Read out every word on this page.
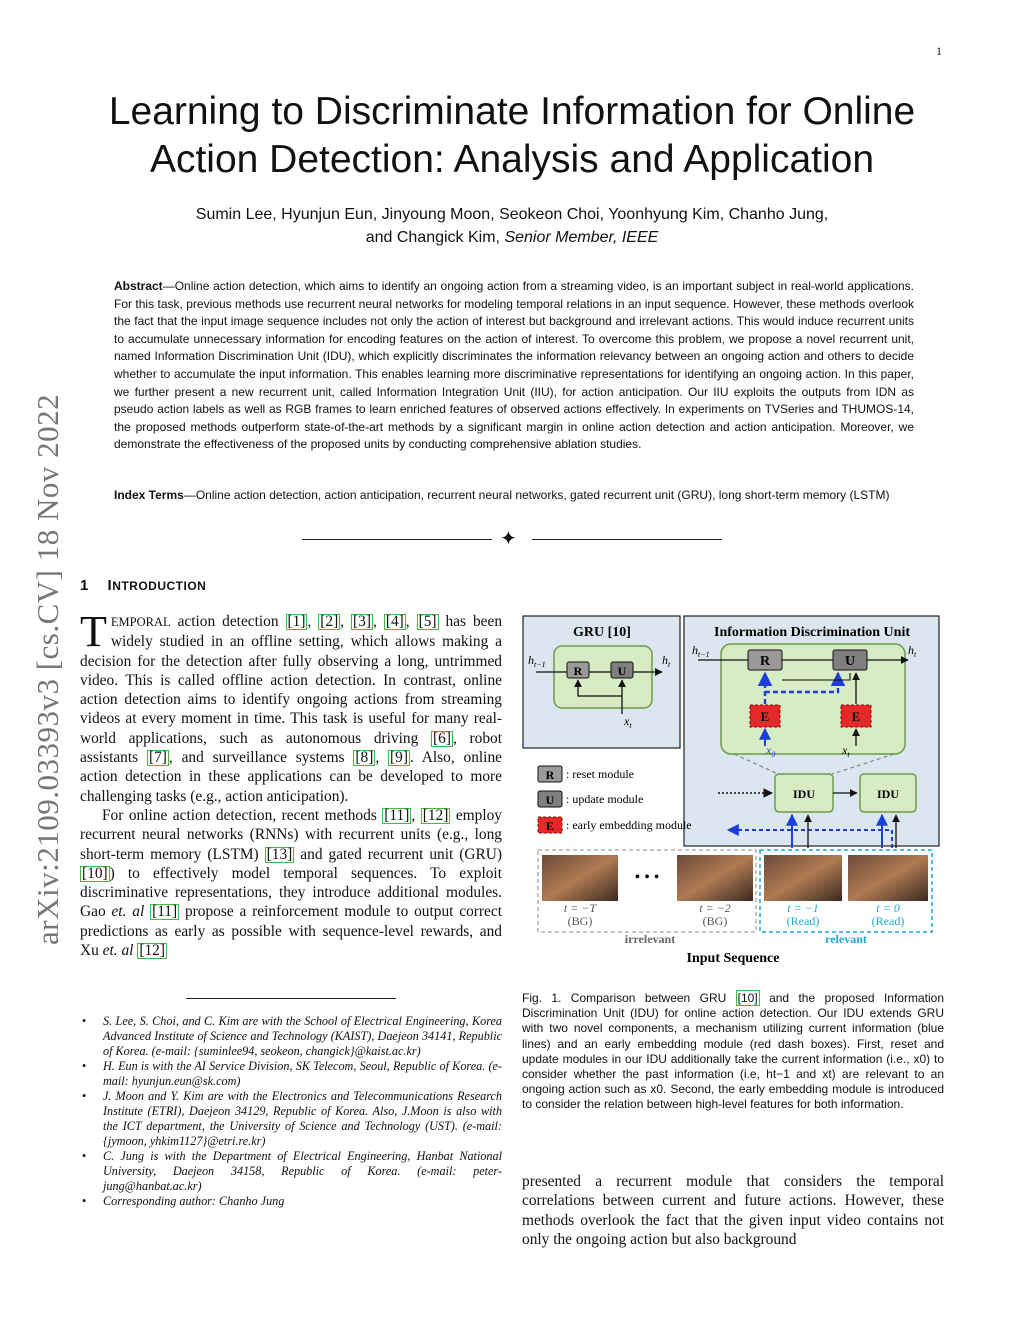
1
arXiv:2109.03393v3 [cs.CV] 18 Nov 2022
Learning to Discriminate Information for Online Action Detection: Analysis and Application
Sumin Lee, Hyunjun Eun, Jinyoung Moon, Seokeon Choi, Yoonhyung Kim, Chanho Jung,
and Changick Kim, Senior Member, IEEE
Abstract—Online action detection, which aims to identify an ongoing action from a streaming video, is an important subject in real-world applications. For this task, previous methods use recurrent neural networks for modeling temporal relations in an input sequence. However, these methods overlook the fact that the input image sequence includes not only the action of interest but background and irrelevant actions. This would induce recurrent units to accumulate unnecessary information for encoding features on the action of interest. To overcome this problem, we propose a novel recurrent unit, named Information Discrimination Unit (IDU), which explicitly discriminates the information relevancy between an ongoing action and others to decide whether to accumulate the input information. This enables learning more discriminative representations for identifying an ongoing action. In this paper, we further present a new recurrent unit, called Information Integration Unit (IIU), for action anticipation. Our IIU exploits the outputs from IDN as pseudo action labels as well as RGB frames to learn enriched features of observed actions effectively. In experiments on TVSeries and THUMOS-14, the proposed methods outperform state-of-the-art methods by a significant margin in online action detection and action anticipation. Moreover, we demonstrate the effectiveness of the proposed units by conducting comprehensive ablation studies.
Index Terms—Online action detection, action anticipation, recurrent neural networks, gated recurrent unit (GRU), long short-term memory (LSTM)
✦
1 INTRODUCTION
TEMPORAL action detection [1] , [2] , [3] , [4] , [5] has been widely studied in an offline setting, which allows making a decision for the detection after fully observing a long, untrimmed video. This is called offline action detection. In contrast, online action detection aims to identify ongoing actions from streaming videos at every moment in time. This task is useful for many real-world applications, such as autonomous driving [6] , robot assistants [7] , and surveillance systems [8] , [9] . Also, online action detection in these applications can be developed to more challenging tasks (e.g., action anticipation).
For online action detection, recent methods [11] , [12] employ recurrent neural networks (RNNs) with recurrent units (e.g., long short-term memory (LSTM) [13] and gated recurrent unit (GRU) [10] ) to effectively model temporal sequences. To exploit discriminative representations, they introduce additional modules. Gao et. al [11] propose a reinforcement module to output correct predictions as early as possible with sequence-level rewards, and Xu et. al [12]
• S. Lee, S. Choi, and C. Kim are with the School of Electrical Engineering, Korea Advanced Institute of Science and Technology (KAIST), Daejeon 34141, Republic of Korea. (e-mail: {suminlee94, seokeon, changick}@kaist.ac.kr)
• H. Eun is with the AI Service Division, SK Telecom, Seoul, Republic of Korea. (e-mail: hyunjun.eun@sk.com)
• J. Moon and Y. Kim are with the Electronics and Telecommunications Research Institute (ETRI), Daejeon 34129, Republic of Korea. Also, J.Moon is also with the ICT department, the University of Science and Technology (UST). (e-mail: {jymoon, yhkim1127}@etri.re.kr)
• C. Jung is with the Department of Electrical Engineering, Hanbat National University, Daejeon 34158, Republic of Korea. (e-mail: peter-jung@hanbat.ac.kr)
• Corresponding author: Chanho Jung
GRU [10]
R	U
$h_{t-1}$	$h_t$
$x_t$
Information Discrimination Unit
R	U
E	E
$h_{t-1}$	$h_t$
$x_0$	$x_t$
IDU	IDU
R : reset module
U : update module
E : early embedding module
• • •
t = −T
(BG)
t = −2
(BG)
t = −1
(Read)
t = 0
(Read)
irrelevant	relevant
Input Sequence
Fig. 1. Comparison between GRU [10] and the proposed Information Discrimination Unit (IDU) for online action detection. Our IDU extends GRU with two novel components, a mechanism utilizing current information (blue lines) and an early embedding module (red dash boxes). First, reset and update modules in our IDU additionally take the current information (i.e., x0) to consider whether the past information (i.e, ht−1 and xt) are relevant to an ongoing action such as x0. Second, the early embedding module is introduced to consider the relation between high-level features for both information.
presented a recurrent module that considers the temporal correlations between current and future actions. However, these methods overlook the fact that the given input video contains not only the ongoing action but also background
